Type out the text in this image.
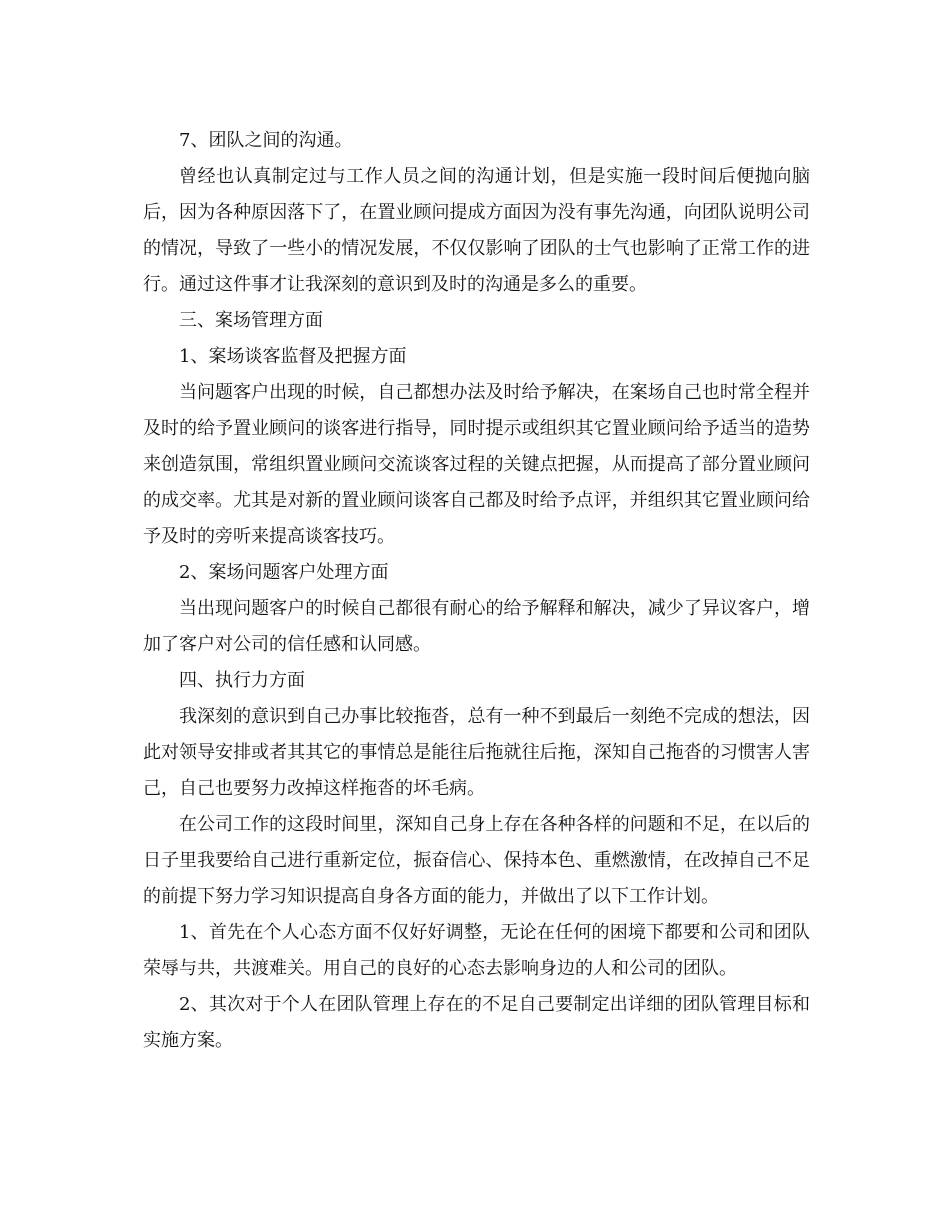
7、团队之间的沟通。

曾经也认真制定过与工作人员之间的沟通计划，但是实施一段时间后便抛向脑后，因为各种原因落下了，在置业顾问提成方面因为没有事先沟通，向团队说明公司的情况，导致了一些小的情况发展，不仅仅影响了团队的士气也影响了正常工作的进行。通过这件事才让我深刻的意识到及时的沟通是多么的重要。

三、案场管理方面

1、案场谈客监督及把握方面

当问题客户出现的时候，自己都想办法及时给予解决，在案场自己也时常全程并及时的给予置业顾问的谈客进行指导，同时提示或组织其它置业顾问给予适当的造势来创造氛围，常组织置业顾问交流谈客过程的关键点把握，从而提高了部分置业顾问的成交率。尤其是对新的置业顾问谈客自己都及时给予点评，并组织其它置业顾问给予及时的旁听来提高谈客技巧。

2、案场问题客户处理方面

当出现问题客户的时候自己都很有耐心的给予解释和解决，减少了异议客户，增加了客户对公司的信任感和认同感。

四、执行力方面

我深刻的意识到自己办事比较拖沓，总有一种不到最后一刻绝不完成的想法，因此对领导安排或者其其它的事情总是能往后拖就往后拖，深知自己拖沓的习惯害人害己，自己也要努力改掉这样拖沓的坏毛病。

在公司工作的这段时间里，深知自己身上存在各种各样的问题和不足，在以后的日子里我要给自己进行重新定位，振奋信心、保持本色、重燃激情，在改掉自己不足的前提下努力学习知识提高自身各方面的能力，并做出了以下工作计划。

1、首先在个人心态方面不仅好好调整，无论在任何的困境下都要和公司和团队荣辱与共，共渡难关。用自己的良好的心态去影响身边的人和公司的团队。

2、其次对于个人在团队管理上存在的不足自己要制定出详细的团队管理目标和实施方案。
